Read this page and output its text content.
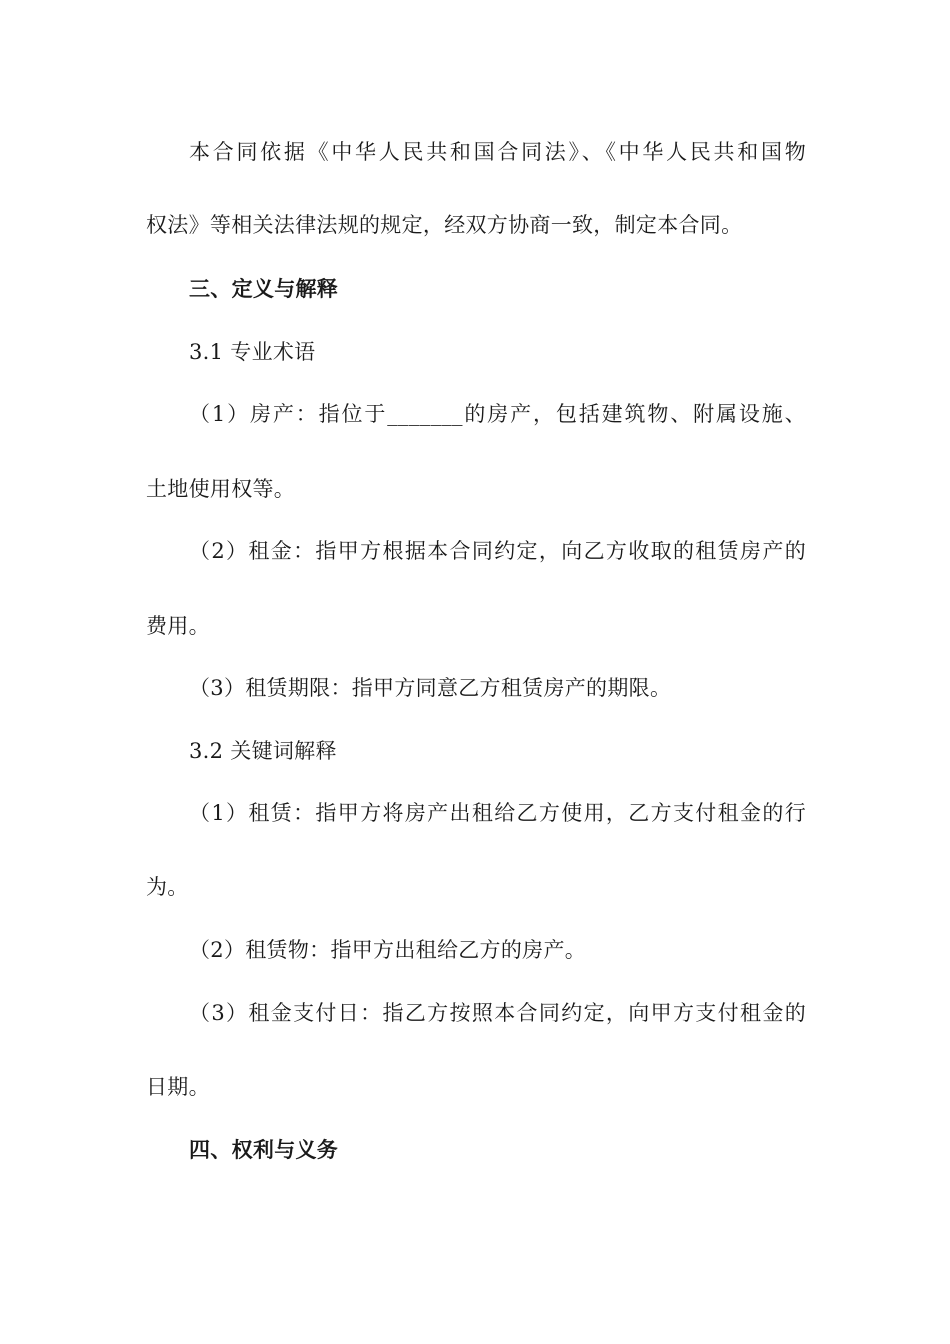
本合同依据《中华人民共和国合同法》、《中华人民共和国物
权法》等相关法律法规的规定，经双方协商一致，制定本合同。
三、定义与解释
3.1 专业术语
（1）房产：指位于_______的房产，包括建筑物、附属设施、
土地使用权等。
（2）租金：指甲方根据本合同约定，向乙方收取的租赁房产的
费用。
（3）租赁期限：指甲方同意乙方租赁房产的期限。
3.2 关键词解释
（1）租赁：指甲方将房产出租给乙方使用，乙方支付租金的行
为。
（2）租赁物：指甲方出租给乙方的房产。
（3）租金支付日：指乙方按照本合同约定，向甲方支付租金的
日期。
四、权利与义务
